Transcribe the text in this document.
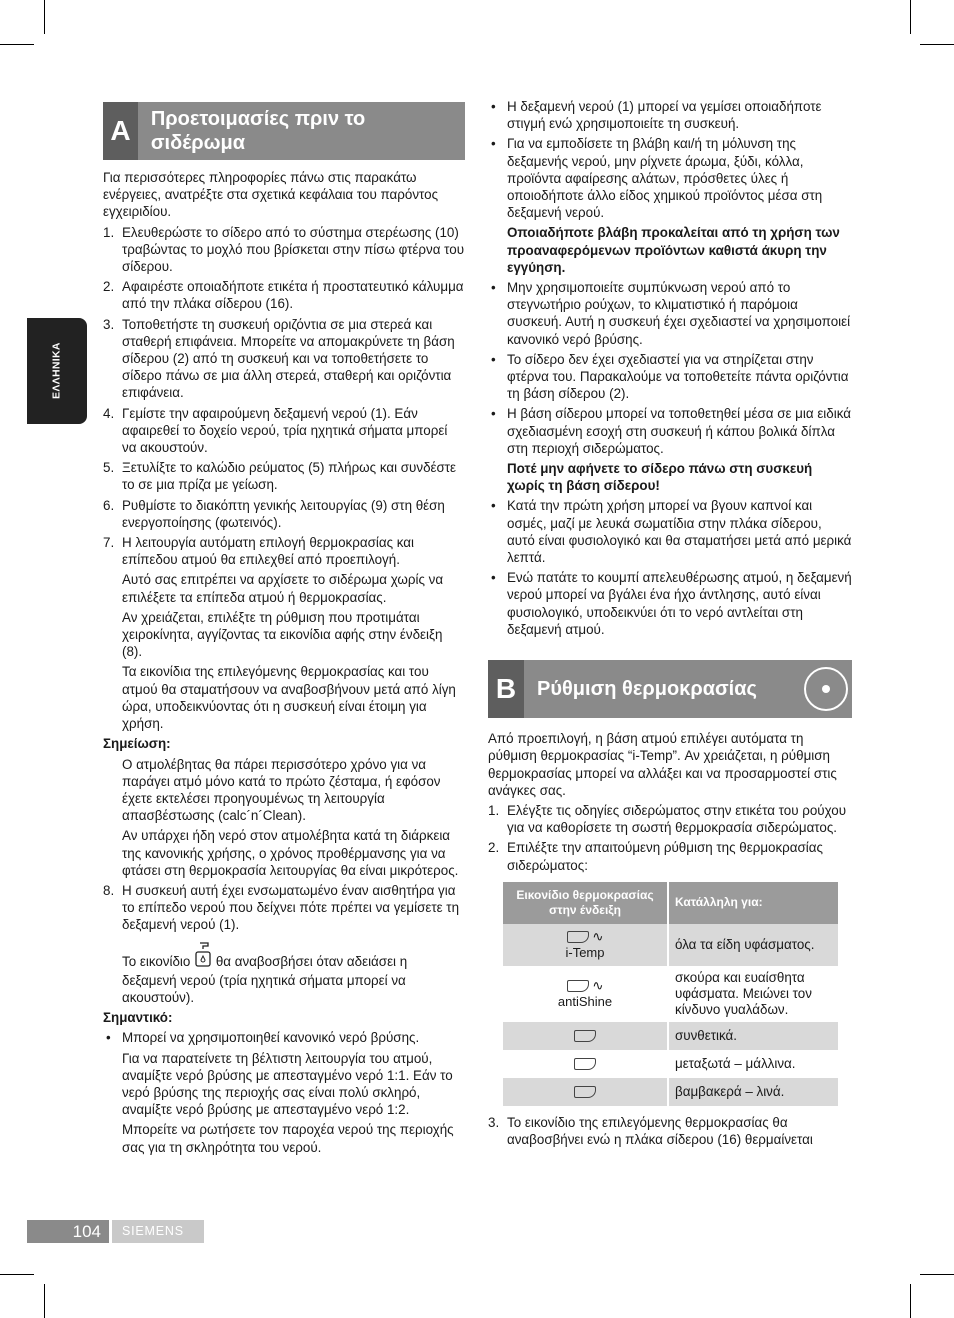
ΕΛΛΗΝΙΚΑ
A	Προετοιμασίες πριν το σιδέρωμα

Για περισσότερες πληροφορίες πάνω στις παρακάτω ενέργειες, ανατρέξτε στα σχετικά κεφάλαια του παρόντος εγχειριδίου.

1. Ελευθερώστε το σίδερο από το σύστημα στερέωσης (10) τραβώντας το μοχλό που βρίσκεται στην πίσω φτέρνα του σίδερου.
2. Αφαιρέστε οποιαδήποτε ετικέτα ή προστατευτικό κάλυμμα από την πλάκα σίδερου (16).
3. Τοποθετήστε τη συσκευή οριζόντια σε μια στερεά και σταθερή επιφάνεια. Μπορείτε να απομακρύνετε τη βάση σίδερου (2) από τη συσκευή και να τοποθετήσετε το σίδερο πάνω σε μια άλλη στερεά, σταθερή και οριζόντια επιφάνεια.
4. Γεμίστε την αφαιρούμενη δεξαμενή νερού (1). Εάν αφαιρεθεί το δοχείο νερού, τρία ηχητικά σήματα μπορεί να ακουστούν.
5. Ξετυλίξτε το καλώδιο ρεύματος (5) πλήρως και συνδέστε το σε μια πρίζα με γείωση.
6. Ρυθμίστε το διακόπτη γενικής λειτουργίας (9) στη θέση ενεργοποίησης (φωτεινός).
7. Η λειτουργία αυτόματη επιλογή θερμοκρασίας και επίπεδου ατμού θα επιλεχθεί από προεπιλογή.

Αυτό σας επιτρέπει να αρχίσετε το σιδέρωμα χωρίς να επιλέξετε τα επίπεδα ατμού ή θερμοκρασίας.

Αν χρειάζεται, επιλέξτε τη ρύθμιση που προτιμάται χειροκίνητα, αγγίζοντας τα εικονίδια αφής στην ένδειξη (8).

Τα εικονίδια της επιλεγόμενης θερμοκρασίας και του ατμού θα σταματήσουν να αναβοσβήνουν μετά από λίγη ώρα, υποδεικνύοντας ότι η συσκευή είναι έτοιμη για χρήση.

Σημείωση:

Ο ατμολέβητας θα πάρει περισσότερο χρόνο για να παράγει ατμό μόνο κατά το πρώτο ζέσταμα, ή εφόσον έχετε εκτελέσει προηγουμένως τη λειτουργία απασβέστωσης (calc´n´Clean).

Αν υπάρχει ήδη νερό στον ατμολέβητα κατά τη διάρκεια της κανονικής χρήσης, ο χρόνος προθέρμανσης για να φτάσει στη θερμοκρασία λειτουργίας θα είναι μικρότερος.

8. Η συσκευή αυτή έχει ενσωματωμένο έναν αισθητήρα για το επίπεδο νερού που δείχνει πότε πρέπει να γεμίσετε τη δεξαμενή νερού (1).

Το εικονίδιο θα αναβοσβήσει όταν αδειάσει η δεξαμενή νερού (τρία ηχητικά σήματα μπορεί να ακουστούν).

Σημαντικό:

• Μπορεί να χρησιμοποιηθεί κανονικό νερό βρύσης.

Για να παρατείνετε τη βέλτιστη λειτουργία του ατμού, αναμίξτε νερό βρύσης με απεσταγμένο νερό 1:1. Εάν το νερό βρύσης της περιοχής σας είναι πολύ σκληρό, αναμίξτε νερό βρύσης με απεσταγμένο νερό 1:2.

Μπορείτε να ρωτήσετε τον παροχέα νερού της περιοχής σας για τη σκληρότητα του νερού.

• Η δεξαμενή νερού (1) μπορεί να γεμίσει οποιαδήποτε στιγμή ενώ χρησιμοποιείτε τη συσκευή.
• Για να εμποδίσετε τη βλάβη και/ή τη μόλυνση της δεξαμενής νερού, μην ρίχνετε άρωμα, ξύδι, κόλλα, προϊόντα αφαίρεσης αλάτων, πρόσθετες ύλες ή οποιοδήποτε άλλο είδος χημικού προϊόντος μέσα στη δεξαμενή νερού.

Οποιαδήποτε βλάβη προκαλείται από τη χρήση των προαναφερόμενων προϊόντων καθιστά άκυρη την εγγύηση.

• Μην χρησιμοποιείτε συμπύκνωση νερού από το στεγνωτήριο ρούχων, το κλιματιστικό ή παρόμοια συσκευή. Αυτή η συσκευή έχει σχεδιαστεί να χρησιμοποιεί κανονικό νερό βρύσης.
• Το σίδερο δεν έχει σχεδιαστεί για να στηρίζεται στην φτέρνα του. Παρακαλούμε να τοποθετείτε πάντα οριζόντια τη βάση σίδερου (2).
• Η βάση σίδερου μπορεί να τοποθετηθεί μέσα σε μια ειδικά σχεδιασμένη εσοχή στη συσκευή ή κάπου βολικά δίπλα στη περιοχή σιδερώματος.

Ποτέ μην αφήνετε το σίδερο πάνω στη συσκευή χωρίς τη βάση σίδερου!

• Κατά την πρώτη χρήση μπορεί να βγουν καπνοί και οσμές, μαζί με λευκά σωματίδια στην πλάκα σίδερου, αυτό είναι φυσιολογικό και θα σταματήσει μετά από μερικά λεπτά.
• Ενώ πατάτε το κουμπί απελευθέρωσης ατμού, η δεξαμενή νερού μπορεί να βγάλει ένα ήχο άντλησης, αυτό είναι φυσιολογικό, υποδεικνύει ότι το νερό αντλείται στη δεξαμενή ατμού.
B	Ρύθμιση θερμοκρασίας

Από προεπιλογή, η βάση ατμού επιλέγει αυτόματα τη ρύθμιση θερμοκρασίας “i-Temp”. Αν χρειάζεται, η ρύθμιση θερμοκρασίας μπορεί να αλλάξει και να προσαρμοστεί στις ανάγκες σας.

1. Ελέγξτε τις οδηγίες σιδερώματος στην ετικέτα του ρούχου για να καθορίσετε τη σωστή θερμοκρασία σιδερώματος.
2. Επιλέξτε την απαιτούμενη ρύθμιση της θερμοκρασίας σιδερώματος:
Εικονίδιο θερμοκρασίας στην ένδειξη	Κατάλληλη για:
∿
i-Temp	όλα τα είδη υφάσματος.
∿
antiShine	σκούρα και ευαίσθητα υφάσματα. Μειώνει τον κίνδυνο γυαλάδων.
	συνθετικά.
	μεταξωτά – μάλλινα.
	βαμβακερά – λινά.
3. Το εικονίδιο της επιλεγόμενης θερμοκρασίας θα αναβοσβήνει ενώ η πλάκα σίδερου (16) θερμαίνεται
104	SIEMENS
